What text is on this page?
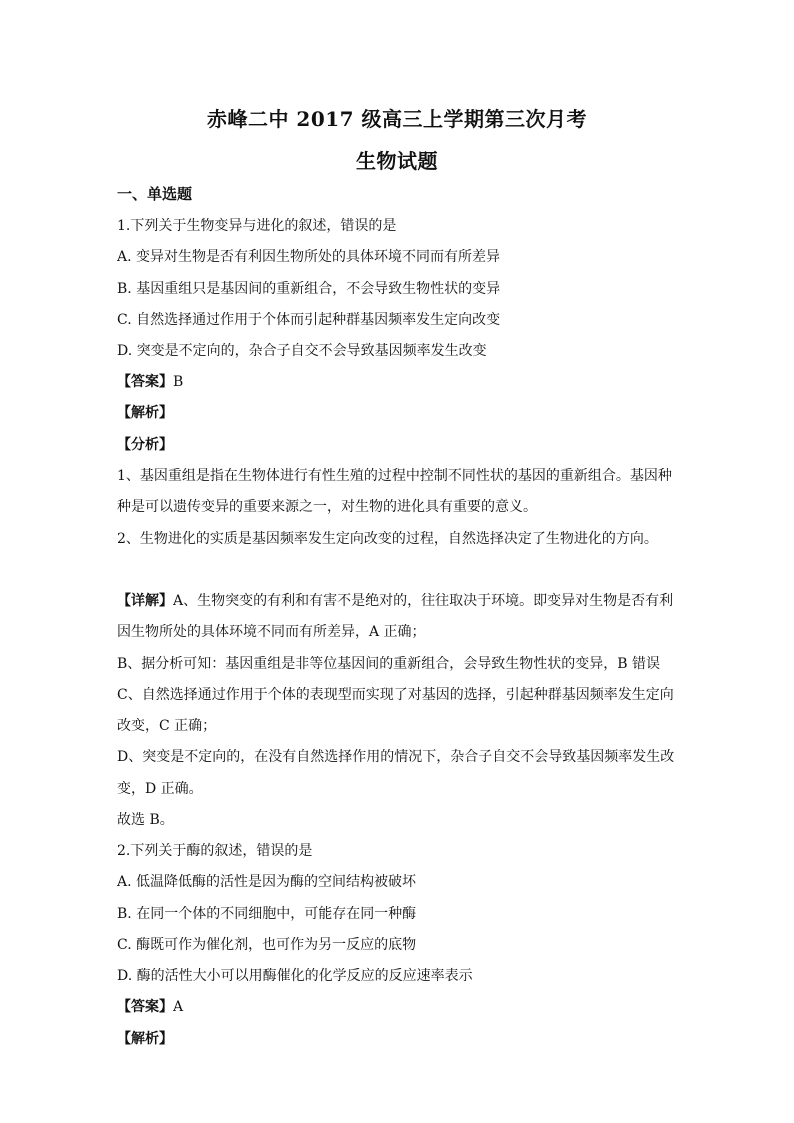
赤峰二中 2017 级高三上学期第三次月考
生物试题
一、单选题
1.下列关于生物变异与进化的叙述，错误的是
A. 变异对生物是否有利因生物所处的具体环境不同而有所差异
B. 基因重组只是基因间的重新组合，不会导致生物性状的变异
C. 自然选择通过作用于个体而引起种群基因频率发生定向改变
D. 突变是不定向的，杂合子自交不会导致基因频率发生改变
【答案】B
【解析】
【分析】
1、基因重组是指在生物体进行有性生殖的过程中控制不同性状的基因的重新组合。基因种
种是可以遗传变异的重要来源之一，对生物的进化具有重要的意义。
2、生物进化的实质是基因频率发生定向改变的过程，自然选择决定了生物进化的方向。
【详解】A、生物突变的有利和有害不是绝对的，往往取决于环境。即变异对生物是否有利
因生物所处的具体环境不同而有所差异，A 正确；
B、据分析可知：基因重组是非等位基因间的重新组合，会导致生物性状的变异，B 错误
C、自然选择通过作用于个体的表现型而实现了对基因的选择，引起种群基因频率发生定向
改变，C 正确；
D、突变是不定向的，在没有自然选择作用的情况下，杂合子自交不会导致基因频率发生改
变，D 正确。
故选 B。
2.下列关于酶的叙述，错误的是
A. 低温降低酶的活性是因为酶的空间结构被破坏
B. 在同一个体的不同细胞中，可能存在同一种酶
C. 酶既可作为催化剂，也可作为另一反应的底物
D. 酶的活性大小可以用酶催化的化学反应的反应速率表示
【答案】A
【解析】
